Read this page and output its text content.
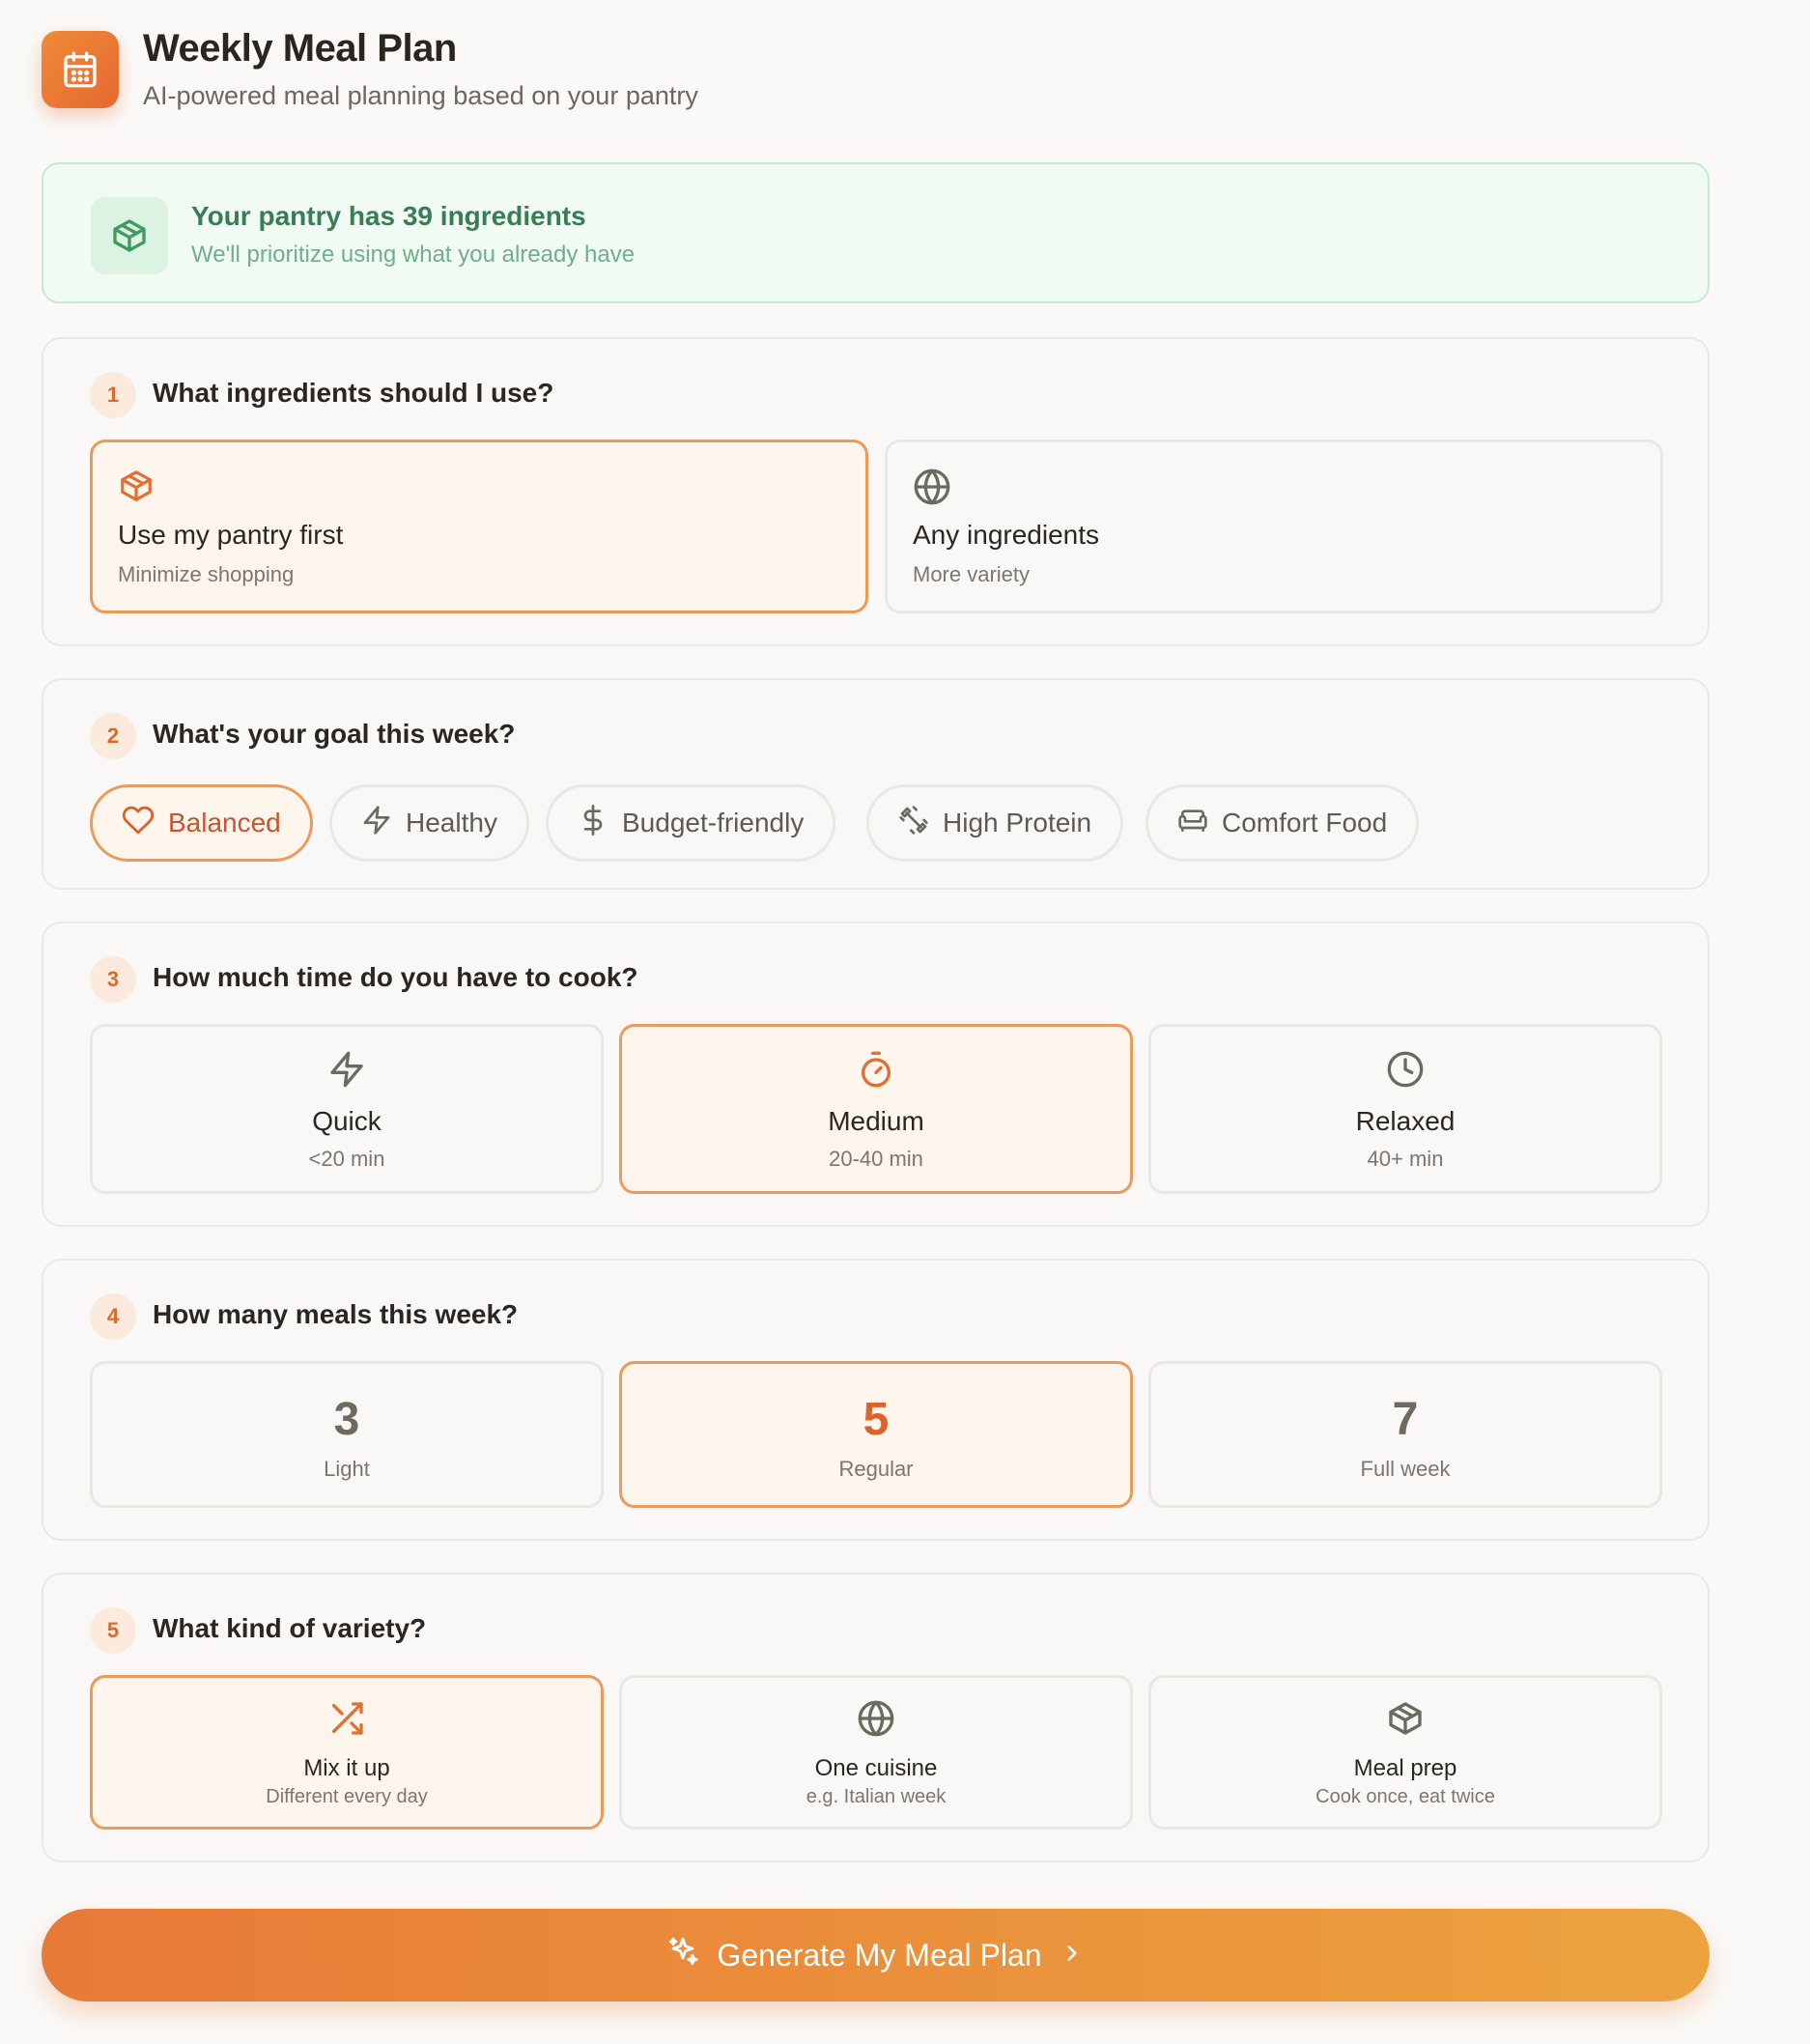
Weekly Meal Plan
AI-powered meal planning based on your pantry
Your pantry has 39 ingredients
We'll prioritize using what you already have
1	What ingredients should I use?
Use my pantry first
Minimize shopping
Any ingredients
More variety
2	What's your goal this week?
Balanced	Healthy	Budget-friendly	High Protein	Comfort Food
3	How much time do you have to cook?
Quick
<20 min
Medium
20-40 min
Relaxed
40+ min
4	How many meals this week?
3
Light
5
Regular
7
Full week
5	What kind of variety?
Mix it up
Different every day
One cuisine
e.g. Italian week
Meal prep
Cook once, eat twice
Generate My Meal Plan
